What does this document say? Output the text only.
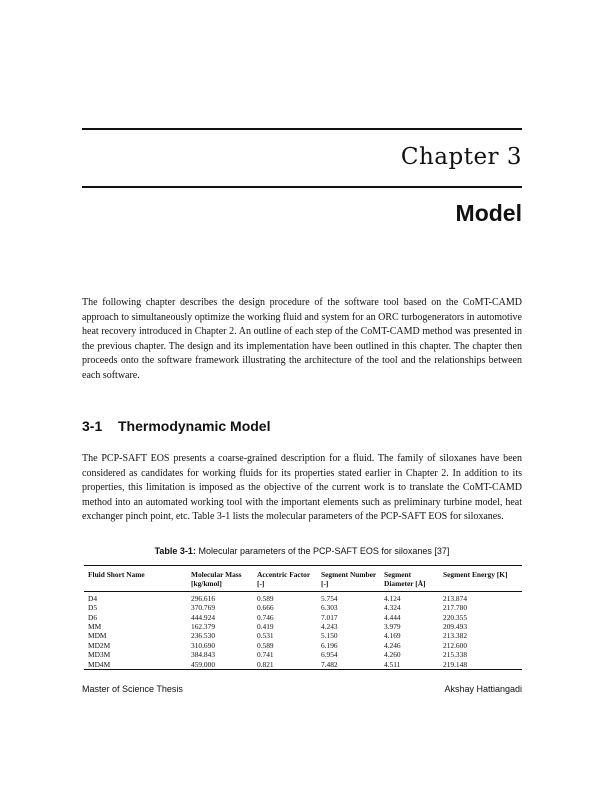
Chapter 3
Model

The following chapter describes the design procedure of the software tool based on the CoMT-CAMD approach to simultaneously optimize the working fluid and system for an ORC turbogenerators in automotive heat recovery introduced in Chapter 2. An outline of each step of the CoMT-CAMD method was presented in the previous chapter. The design and its implementation have been outlined in this chapter. The chapter then proceeds onto the software framework illustrating the architecture of the tool and the relationships between each software.

3-1 Thermodynamic Model

The PCP-SAFT EOS presents a coarse-grained description for a fluid. The family of siloxanes have been considered as candidates for working fluids for its properties stated earlier in Chapter 2. In addition to its properties, this limitation is imposed as the objective of the current work is to translate the CoMT-CAMD method into an automated working tool with the important elements such as preliminary turbine model, heat exchanger pinch point, etc. Table 3-1 lists the molecular parameters of the PCP-SAFT EOS for siloxanes.

Table 3-1: Molecular parameters of the PCP-SAFT EOS for siloxanes [37]
Fluid Short Name	Molecular Mass [kg/kmol]	Accentric Factor [-]	Segment Number [-]	Segment Diameter [Å]	Segment Energy [K]
D4	296.616	0.589	5.754	4.124	213.874
D5	370.769	0.666	6.303	4.324	217.780
D6	444.924	0.746	7.017	4.444	220.355
MM	162.379	0.419	4.243	3.979	209.493
MDM	236.530	0.531	5.150	4.169	213.382
MD2M	310.690	0.589	6.196	4.246	212.600
MD3M	384.843	0.741	6.954	4.260	215.338
MD4M	459.000	0.821	7.482	4.511	219.148
Master of Science Thesis	Akshay Hattiangadi
